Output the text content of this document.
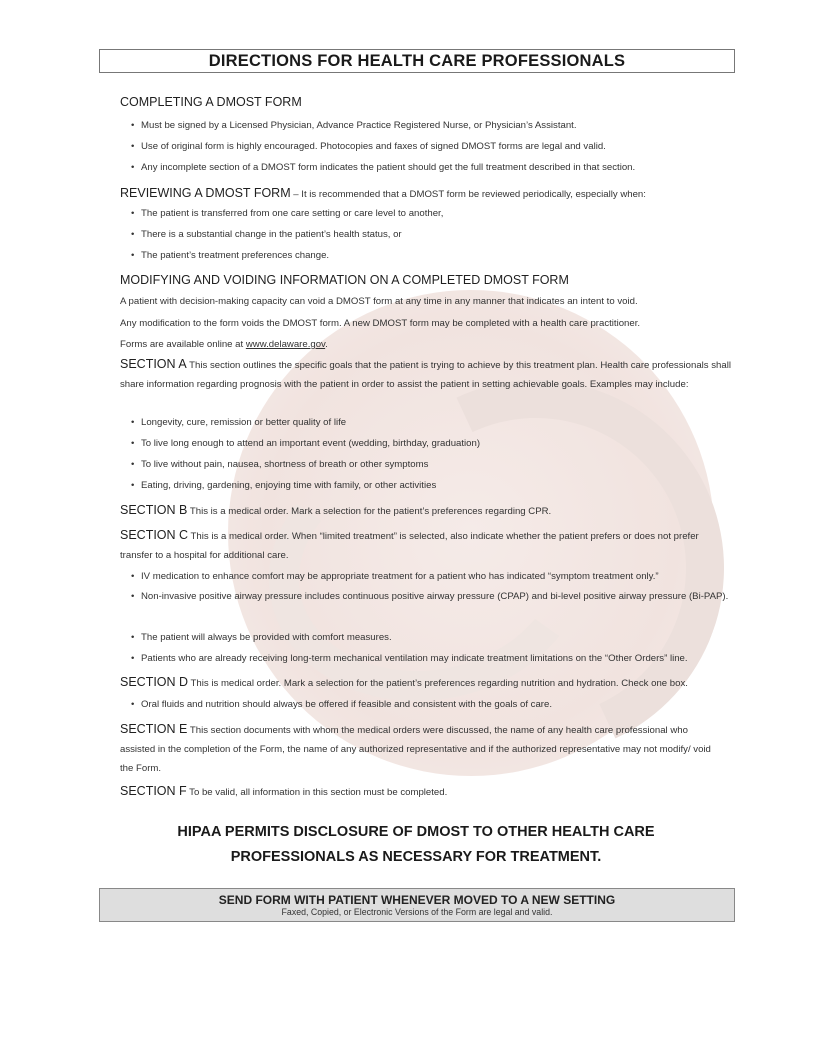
DIRECTIONS FOR HEALTH CARE PROFESSIONALS
COMPLETING A DMOST FORM
• Must be signed by a Licensed Physician, Advance Practice Registered Nurse, or Physician’s Assistant.
• Use of original form is highly encouraged. Photocopies and faxes of signed DMOST forms are legal and valid.
• Any incomplete section of a DMOST form indicates the patient should get the full treatment described in that section.
REVIEWING A DMOST FORM – It is recommended that a DMOST form be reviewed periodically, especially when:
• The patient is transferred from one care setting or care level to another,
• There is a substantial change in the patient’s health status, or
• The patient’s treatment preferences change.
MODIFYING AND VOIDING INFORMATION ON A COMPLETED DMOST FORM
A patient with decision-making capacity can void a DMOST form at any time in any manner that indicates an intent to void.
Any modification to the form voids the DMOST form. A new DMOST form may be completed with a health care practitioner.
Forms are available online at www.delaware.gov.
SECTION A This section outlines the specific goals that the patient is trying to achieve by this treatment plan. Health care professionals shall share information regarding prognosis with the patient in order to assist the patient in setting achievable goals. Examples may include:
• Longevity, cure, remission or better quality of life
• To live long enough to attend an important event (wedding, birthday, graduation)
• To live without pain, nausea, shortness of breath or other symptoms
• Eating, driving, gardening, enjoying time with family, or other activities
SECTION B This is a medical order. Mark a selection for the patient’s preferences regarding CPR.
SECTION C This is a medical order. When “limited treatment” is selected, also indicate whether the patient prefers or does not prefer transfer to a hospital for additional care.
• IV medication to enhance comfort may be appropriate treatment for a patient who has indicated “symptom treatment only.”
• Non-invasive positive airway pressure includes continuous positive airway pressure (CPAP) and bi-level positive airway pressure (Bi-PAP).
• The patient will always be provided with comfort measures.
• Patients who are already receiving long-term mechanical ventilation may indicate treatment limitations on the “Other Orders” line.
SECTION D This is medical order. Mark a selection for the patient’s preferences regarding nutrition and hydration. Check one box.
• Oral fluids and nutrition should always be offered if feasible and consistent with the goals of care.
SECTION E This section documents with whom the medical orders were discussed, the name of any health care professional who assisted in the completion of the Form, the name of any authorized representative and if the authorized representative may not modify/ void the Form.
SECTION F To be valid, all information in this section must be completed.
HIPAA PERMITS DISCLOSURE OF DMOST TO OTHER HEALTH CARE
PROFESSIONALS AS NECESSARY FOR TREATMENT.
SEND FORM WITH PATIENT WHENEVER MOVED TO A NEW SETTING
Faxed, Copied, or Electronic Versions of the Form are legal and valid.
